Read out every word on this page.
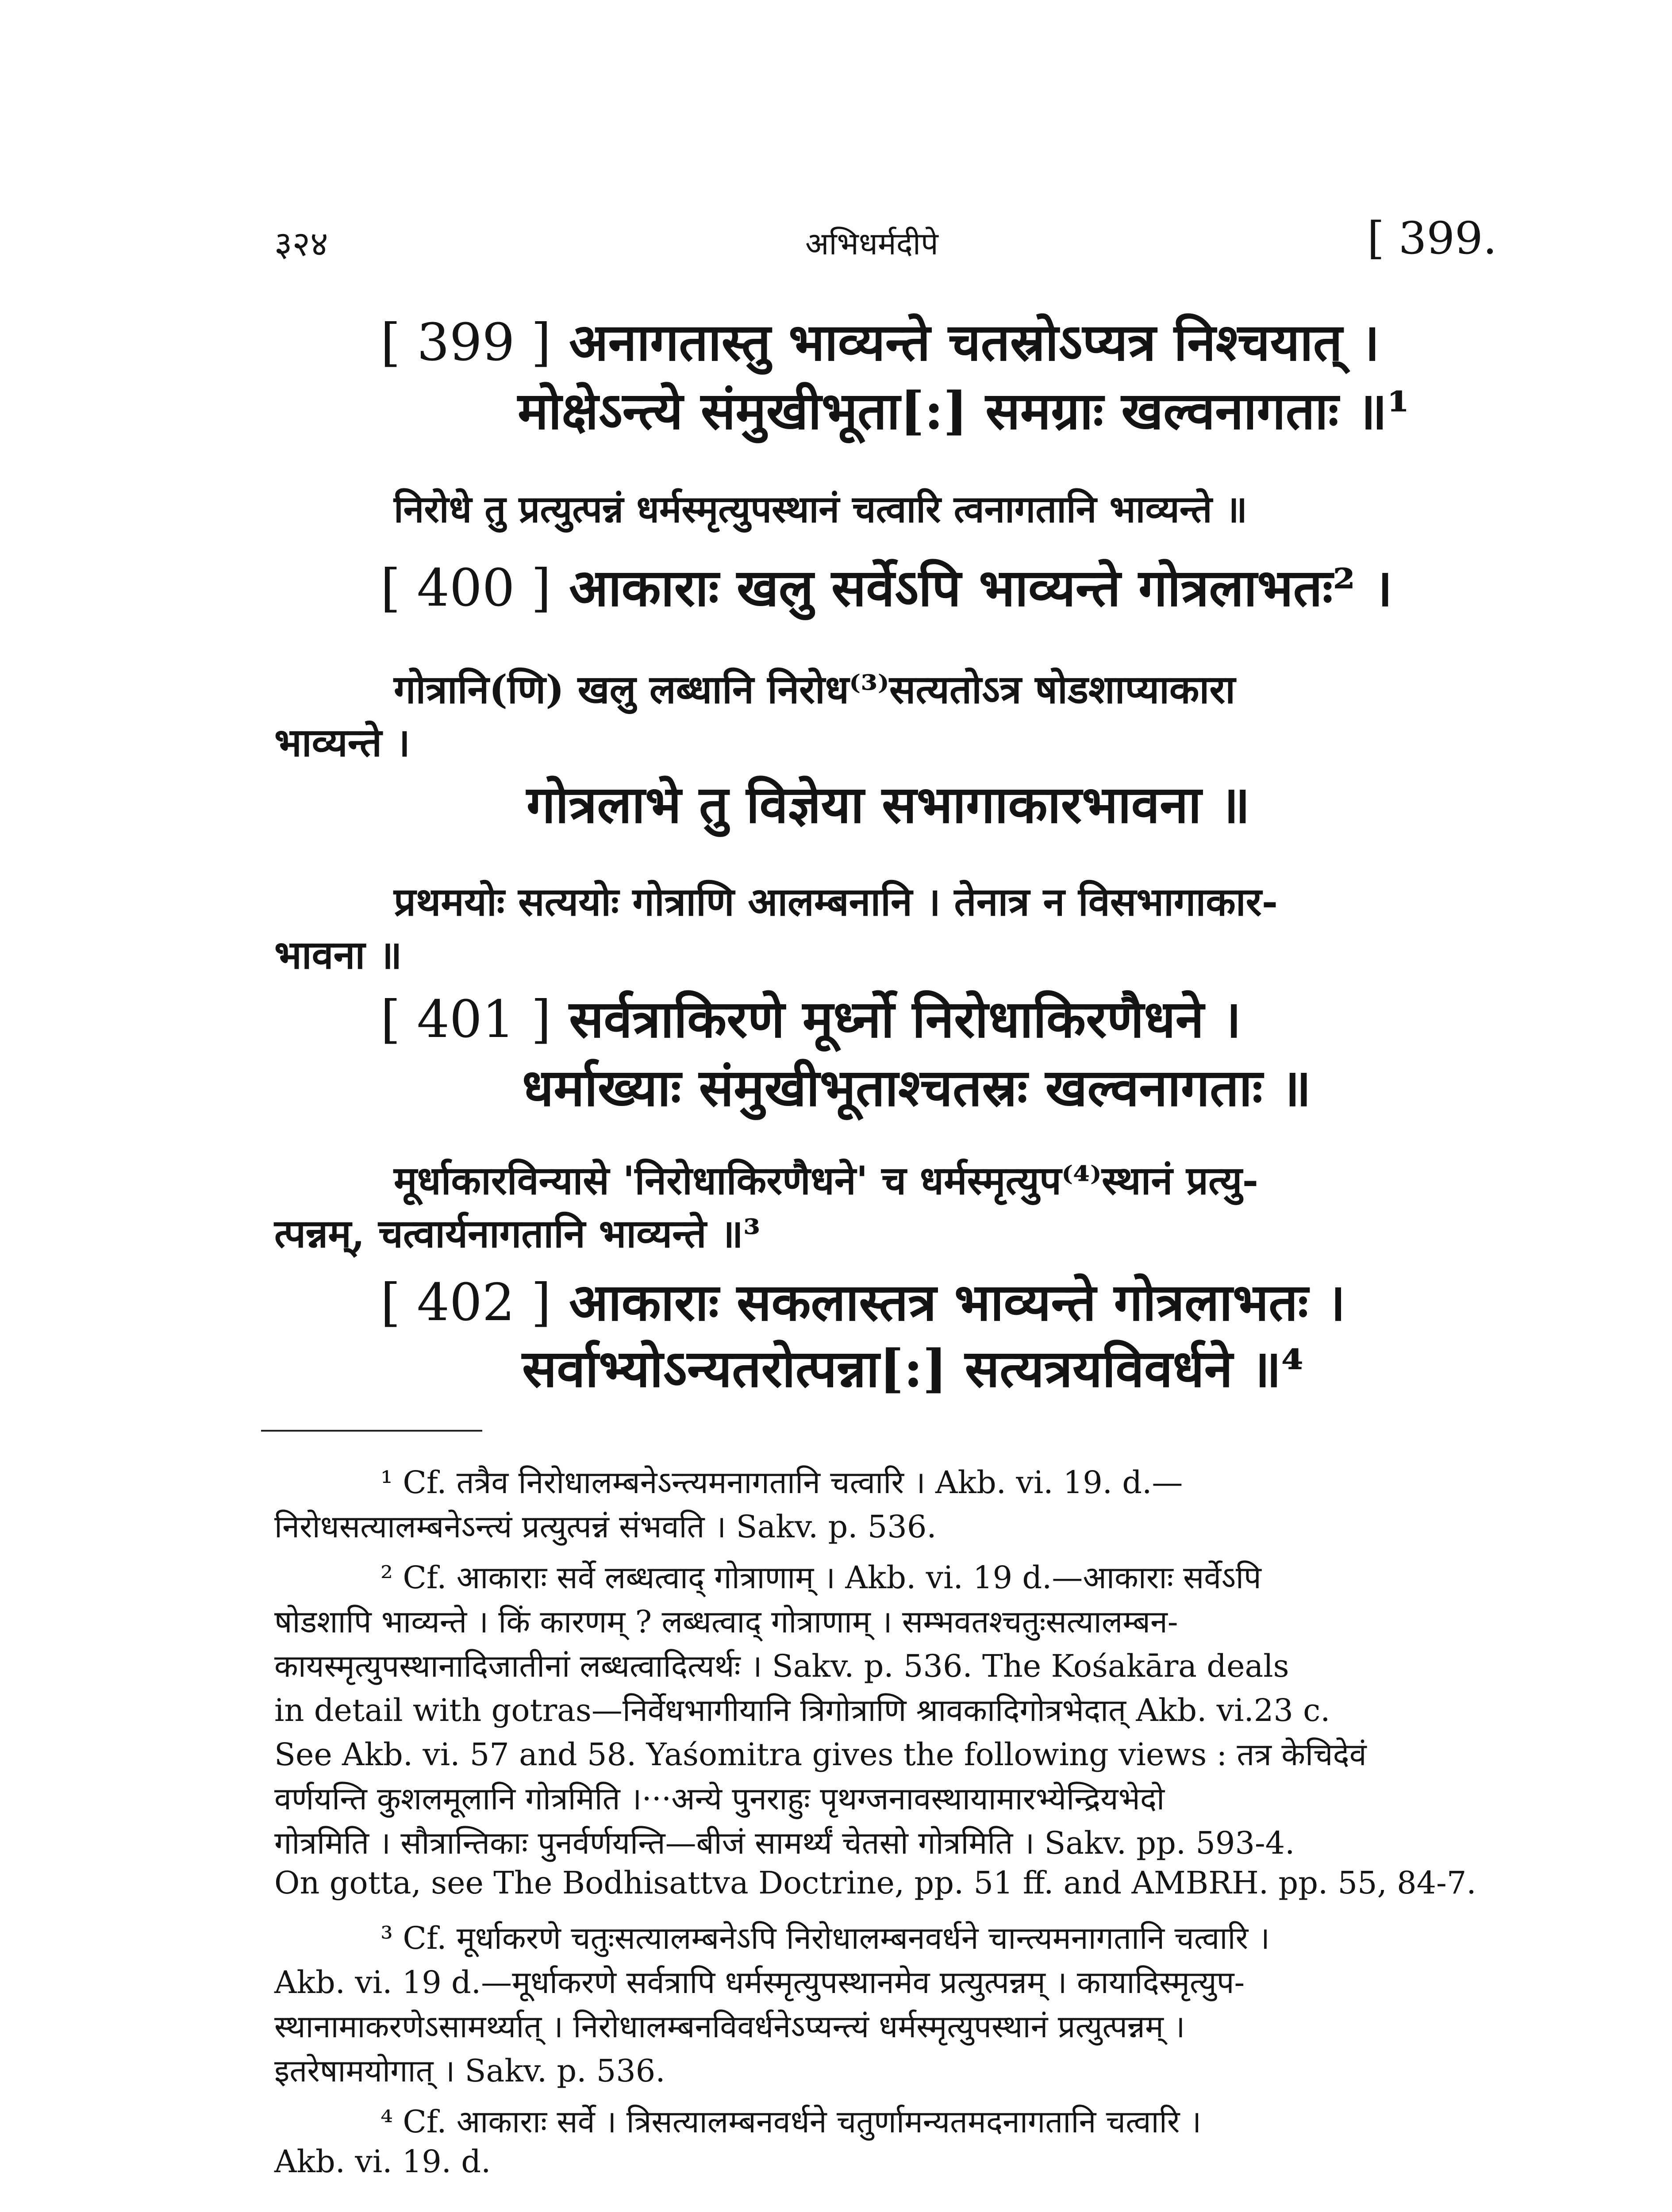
३२४	अभिधर्मदीपे	[ 399.
[ 399 ] अनागतास्तु भाव्यन्ते चतस्रोऽप्यत्र निश्चयात् ।
मोक्षेऽन्त्ये संमुखीभूता[:] समग्राः खल्वनागताः ॥¹
निरोधे तु प्रत्युत्पन्नं धर्मस्मृत्युपस्थानं चत्वारि त्वनागतानि भाव्यन्ते ॥
[ 400 ] आकाराः खलु सर्वेऽपि भाव्यन्ते गोत्रलाभतः² ।
गोत्रानि(णि) खलु लब्धानि निरोध⁽³⁾सत्यतोऽत्र षोडशाप्याकारा
भाव्यन्ते ।
गोत्रलाभे तु विज्ञेया सभागाकारभावना ॥
प्रथमयोः सत्ययोः गोत्राणि आलम्बनानि । तेनात्र न विसभागाकार-
भावना ॥
[ 401 ] सर्वत्राकिरणे मूर्ध्नो निरोधाकिरणैधने ।
धर्माख्याः संमुखीभूताश्चतस्रः खल्वनागताः ॥
मूर्धाकारविन्यासे 'निरोधाकिरणैधने' च धर्मस्मृत्युप⁽⁴⁾स्थानं प्रत्यु-
त्पन्नम्, चत्वार्यनागतानि भाव्यन्ते ॥³
[ 402 ] आकाराः सकलास्तत्र भाव्यन्ते गोत्रलाभतः ।
सर्वाभ्योऽन्यतरोत्पन्ना[:] सत्यत्रयविवर्धने ॥⁴
¹ Cf. तत्रैव निरोधालम्बनेऽन्त्यमनागतानि चत्वारि । Akb. vi. 19. d.—
निरोधसत्यालम्बनेऽन्त्यं प्रत्युत्पन्नं संभवति । Sakv. p. 536.
² Cf. आकाराः सर्वे लब्धत्वाद् गोत्राणाम् । Akb. vi. 19 d.—आकाराः सर्वेऽपि
षोडशापि भाव्यन्ते । किं कारणम् ? लब्धत्वाद् गोत्राणाम् । सम्भवतश्चतुःसत्यालम्बन-
कायस्मृत्युपस्थानादिजातीनां लब्धत्वादित्यर्थः । Sakv. p. 536. The Kośakāra deals
in detail with gotras—निर्वेधभागीयानि त्रिगोत्राणि श्रावकादिगोत्रभेदात् Akb. vi.23 c.
See Akb. vi. 57 and 58. Yaśomitra gives the following views : तत्र केचिदेवं
वर्णयन्ति कुशलमूलानि गोत्रमिति ।···अन्ये पुनराहुः पृथग्जनावस्थायामारभ्येन्द्रियभेदो
गोत्रमिति । सौत्रान्तिकाः पुनर्वर्णयन्ति—बीजं सामर्थ्यं चेतसो गोत्रमिति । Sakv. pp. 593-4.
On gotta, see The Bodhisattva Doctrine, pp. 51 ff. and AMBRH. pp. 55, 84-7.
³ Cf. मूर्धाकरणे चतुःसत्यालम्बनेऽपि निरोधालम्बनवर्धने चान्त्यमनागतानि चत्वारि ।
Akb. vi. 19 d.—मूर्धाकरणे सर्वत्रापि धर्मस्मृत्युपस्थानमेव प्रत्युत्पन्नम् । कायादिस्मृत्युप-
स्थानामाकरणेऽसामर्थ्यात् । निरोधालम्बनविवर्धनेऽप्यन्त्यं धर्मस्मृत्युपस्थानं प्रत्युत्पन्नम् ।
इतरेषामयोगात् । Sakv. p. 536.
⁴ Cf. आकाराः सर्वे । त्रिसत्यालम्बनवर्धने चतुर्णामन्यतमदनागतानि चत्वारि ।
Akb. vi. 19. d.
